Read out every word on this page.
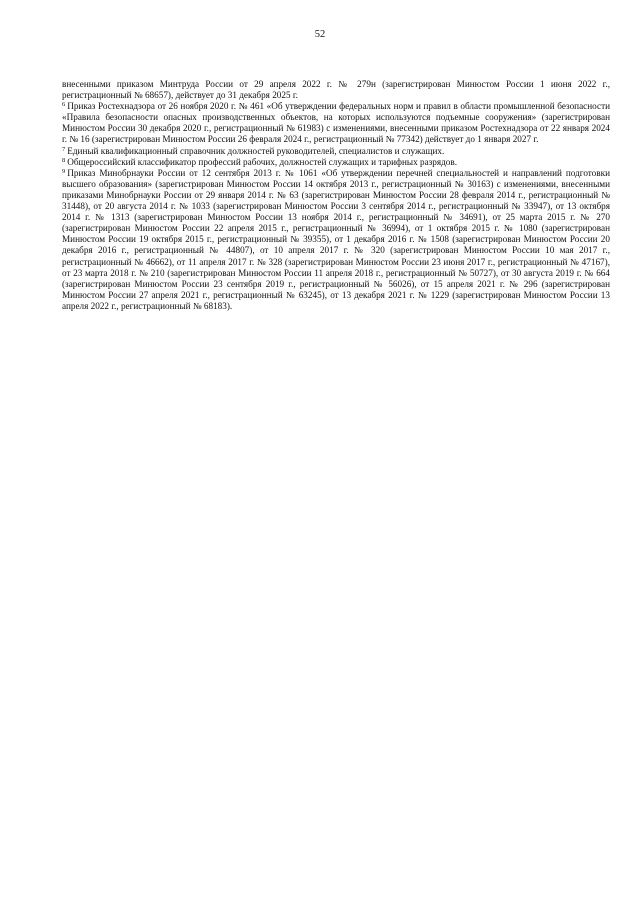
52

внесенными приказом Минтруда России от 29 апреля 2022 г. № 279н (зарегистрирован Минюстом России 1 июня 2022 г., регистрационный № 68657), действует до 31 декабря 2025 г.

$^6$ Приказ Ростехнадзора от 26 ноября 2020 г. № 461 «Об утверждении федеральных норм и правил в области промышленной безопасности «Правила безопасности опасных производственных объектов, на которых используются подъемные сооружения» (зарегистрирован Минюстом России 30 декабря 2020 г., регистрационный № 61983) с изменениями, внесенными приказом Ростехнадзора от 22 января 2024 г. № 16 (зарегистрирован Минюстом России 26 февраля 2024 г., регистрационный № 77342) действует до 1 января 2027 г.

$^7$ Единый квалификационный справочник должностей руководителей, специалистов и служащих.

$^8$ Общероссийский классификатор профессий рабочих, должностей служащих и тарифных разрядов.

$^9$ Приказ Минобрнауки России от 12 сентября 2013 г. № 1061 «Об утверждении перечней специальностей и направлений подготовки высшего образования» (зарегистрирован Минюстом России 14 октября 2013 г., регистрационный № 30163) с изменениями, внесенными приказами Минобрнауки России от 29 января 2014 г. № 63 (зарегистрирован Минюстом России 28 февраля 2014 г., регистрационный № 31448), от 20 августа 2014 г. № 1033 (зарегистрирован Минюстом России 3 сентября 2014 г., регистрационный № 33947), от 13 октября 2014 г. № 1313 (зарегистрирован Минюстом России 13 ноября 2014 г., регистрационный № 34691), от 25 марта 2015 г. № 270 (зарегистрирован Минюстом России 22 апреля 2015 г., регистрационный № 36994), от 1 октября 2015 г. № 1080 (зарегистрирован Минюстом России 19 октября 2015 г., регистрационный № 39355), от 1 декабря 2016 г. № 1508 (зарегистрирован Минюстом России 20 декабря 2016 г., регистрационный № 44807), от 10 апреля 2017 г. № 320 (зарегистрирован Минюстом России 10 мая 2017 г., регистрационный № 46662), от 11 апреля 2017 г. № 328 (зарегистрирован Минюстом России 23 июня 2017 г., регистрационный № 47167), от 23 марта 2018 г. № 210 (зарегистрирован Минюстом России 11 апреля 2018 г., регистрационный № 50727), от 30 августа 2019 г. № 664 (зарегистрирован Минюстом России 23 сентября 2019 г., регистрационный № 56026), от 15 апреля 2021 г. № 296 (зарегистрирован Минюстом России 27 апреля 2021 г., регистрационный № 63245), от 13 декабря 2021 г. № 1229 (зарегистрирован Минюстом России 13 апреля 2022 г., регистрационный № 68183).
